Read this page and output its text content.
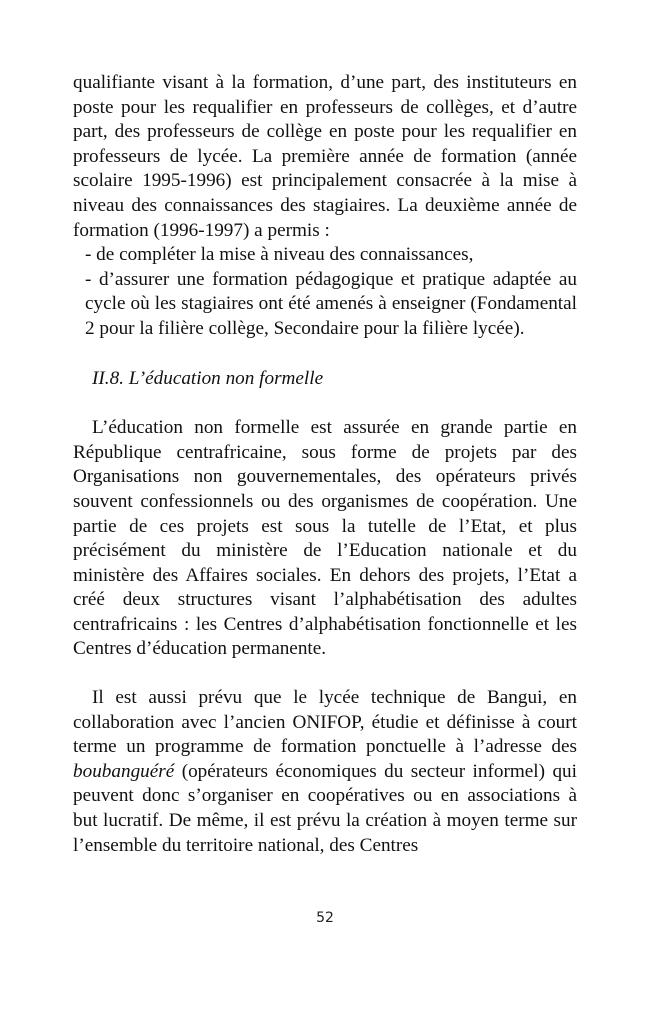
qualifiante visant à la formation, d’une part, des instituteurs en poste pour les requalifier en professeurs de collèges, et d’autre part, des professeurs de collège en poste pour les requalifier en professeurs de lycée. La première année de formation (année scolaire 1995-1996) est principalement consacrée à la mise à niveau des connaissances des stagiaires. La deuxième année de formation (1996-1997) a permis :

- de compléter la mise à niveau des connaissances,
- d’assurer une formation pédagogique et pratique adaptée au cycle où les stagiaires ont été amenés à enseigner (Fondamental 2 pour la filière collège, Secondaire pour la filière lycée).

II.8. L’éducation non formelle

L’éducation non formelle est assurée en grande partie en République centrafricaine, sous forme de projets par des Organisations non gouvernementales, des opérateurs privés souvent confessionnels ou des organismes de coopération. Une partie de ces projets est sous la tutelle de l’Etat, et plus précisément du ministère de l’Education nationale et du ministère des Affaires sociales. En dehors des projets, l’Etat a créé deux structures visant l’alphabétisation des adultes centrafricains : les Centres d’alphabétisation fonctionnelle et les Centres d’éducation permanente.

Il est aussi prévu que le lycée technique de Bangui, en collaboration avec l’ancien ONIFOP, étudie et définisse à court terme un programme de formation ponctuelle à l’adresse des boubanguéré (opérateurs économiques du secteur informel) qui peuvent donc s’organiser en coopératives ou en associations à but lucratif. De même, il est prévu la création à moyen terme sur l’ensemble du territoire national, des Centres

52
